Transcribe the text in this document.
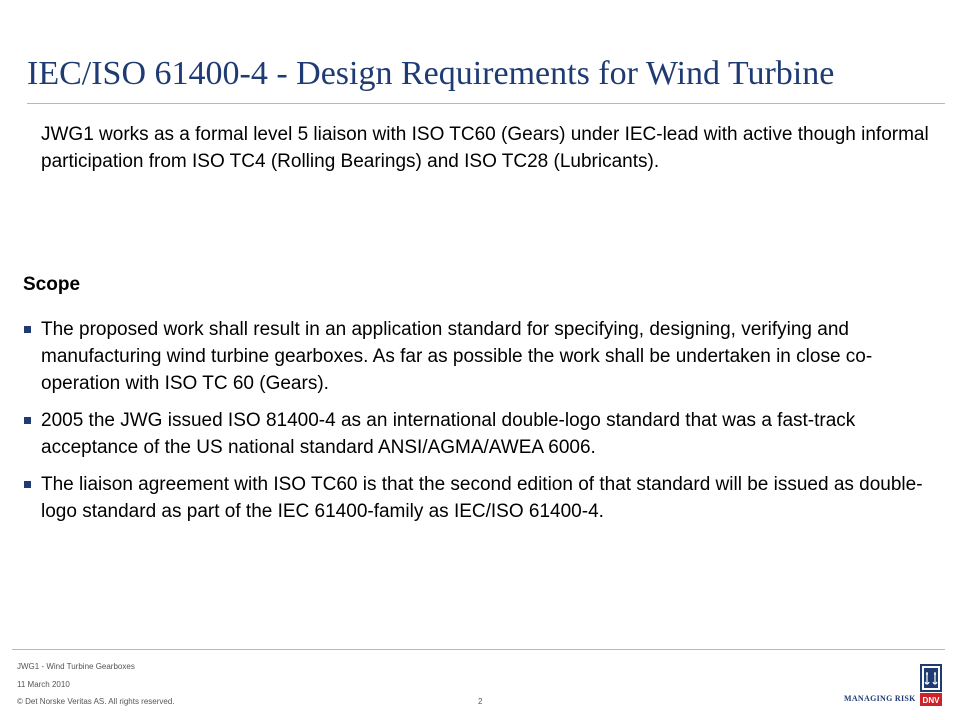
IEC/ISO 61400-4 - Design Requirements for Wind Turbine

JWG1 works as a formal level 5 liaison with ISO TC60 (Gears) under IEC-lead with active though informal participation from ISO TC4 (Rolling Bearings) and ISO TC28 (Lubricants).

Scope
The proposed work shall result in an application standard for specifying, designing, verifying and manufacturing wind turbine gearboxes. As far as possible the work shall be undertaken in close co-operation with ISO TC 60 (Gears).
2005 the JWG issued ISO 81400-4 as an international double-logo standard that was a fast-track acceptance of the US national standard ANSI/AGMA/AWEA 6006.
The liaison agreement with ISO TC60 is that the second edition of that standard will be issued as double-logo standard as part of the IEC 61400-family as IEC/ISO 61400-4.
JWG1 - Wind Turbine Gearboxes
11 March 2010
© Det Norske Veritas AS. All rights reserved.	2	MANAGING RISK DNV
